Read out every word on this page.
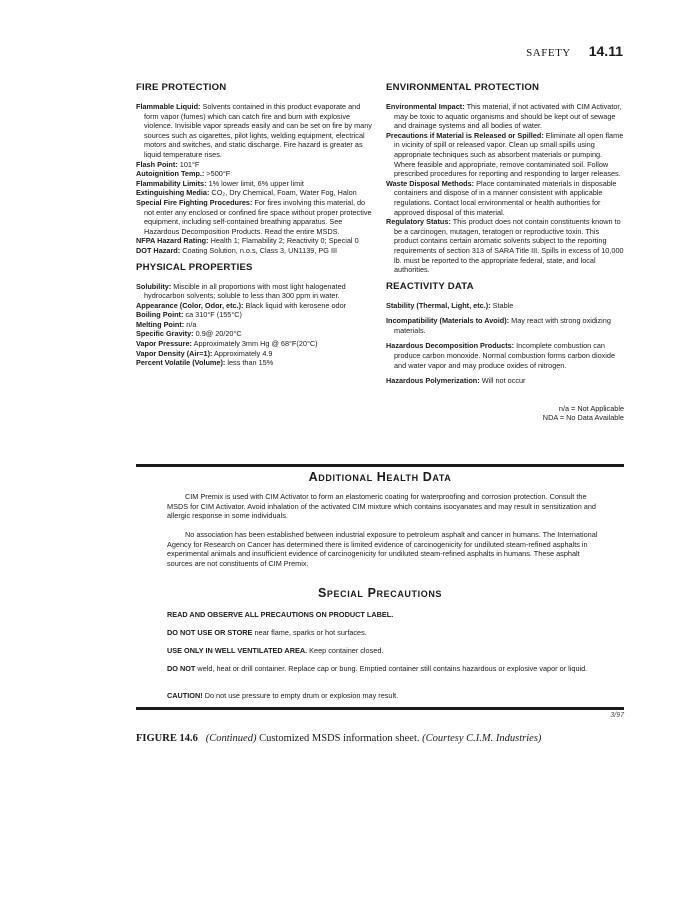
SAFETY 14.11
FIRE PROTECTION

Flammable Liquid: Solvents contained in this product evaporate and form vapor (fumes) which can catch fire and burn with explosive violence. Invisible vapor spreads easily and can be set on fire by many sources such as cigarettes, pilot lights, welding equipment, electrical motors and switches, and static discharge. Fire hazard is greater as liquid temperature rises.

Flash Point: 101°F

Autoignition Temp.: >500°F

Flammability Limits: 1% lower limit, 6% upper limit

Extinguishing Media: CO₂, Dry Chemical, Foam, Water Fog, Halon

Special Fire Fighting Procedures: For fires involving this material, do not enter any enclosed or confined fire space without proper protective equipment, including self-contained breathing apparatus. See Hazardous Decomposition Products. Read the entire MSDS.

NFPA Hazard Rating: Health 1; Flamability 2; Reactivity 0; Special 0

DOT Hazard: Coating Solution, n.o.s, Class 3, UN1139, PG III

PHYSICAL PROPERTIES

Solubility: Miscible in all proportions with most light halogenated hydrocarbon solvents; soluble to less than 300 ppm in water.

Appearance (Color, Odor, etc.): Black liquid with kerosene odor

Boiling Point: ca 310°F (155°C)

Melting Point: n/a

Specific Gravity: 0.9@ 20/20°C

Vapor Pressure: Approximately 3mm Hg @ 68°F(20°C)

Vapor Density (Air=1): Approximately 4.9

Percent Volatile (Volume): less than 15%

ENVIRONMENTAL PROTECTION

Environmental Impact: This material, if not activated with CIM Activator, may be toxic to aquatic organisms and should be kept out of sewage and drainage systems and all bodies of water.

Precautions if Material is Released or Spilled: Eliminate all open flame in vicinity of spill or released vapor. Clean up small spills using appropriate techniques such as absorbent materials or pumping. Where feasible and appropriate, remove contaminated soil. Follow prescribed procedures for reporting and responding to larger releases.

Waste Disposal Methods: Place contaminated materials in disposable containers and dispose of in a manner consistent with applicable regulations. Contact local environmental or health authorities for approved disposal of this material.

Regulatory Status: This product does not contain constituents known to be a carcinogen, mutagen, teratogen or reproductive toxin. This product contains certain aromatic solvents subject to the reporting requirements of section 313 of SARA Title III. Spills in excess of 10,000 lb. must be reported to the appropriate federal, state, and local authorities.

REACTIVITY DATA

Stability (Thermal, Light, etc.): Stable

Incompatibility (Materials to Avoid): May react with strong oxidizing materials.

Hazardous Decomposition Products: Incomplete combustion can produce carbon monoxide. Normal combustion forms carbon dioxide and water vapor and may produce oxides of nitrogen.

Hazardous Polymerization: Will not occur

n/a = Not Applicable
NDA = No Data Available
Additional Health Data

CIM Premix is used with CIM Activator to form an elastomeric coating for waterproofing and corrosion protection. Consult the MSDS for CIM Activator. Avoid inhalation of the activated CIM mixture which contains isocyanates and may result in sensitization and allergic response in some individuals.

No association has been established between industrial exposure to petroleum asphalt and cancer in humans. The International Agency for Research on Cancer has determined there is limited evidence of carcinogenicity for undiluted steam-refined asphalts in experimental animals and insufficient evidence of carcinogenicity for undiluted steam-refined asphalts in humans. These asphalt sources are not constituents of CIM Premix.

Special Precautions

READ AND OBSERVE ALL PRECAUTIONS ON PRODUCT LABEL.

DO NOT USE OR STORE near flame, sparks or hot surfaces.

USE ONLY IN WELL VENTILATED AREA. Keep container closed.

DO NOT weld, heat or drill container. Replace cap or bung. Emptied container still contains hazardous or explosive vapor or liquid.

CAUTION! Do not use pressure to empty drum or explosion may result.

3/97
FIGURE 14.6 (Continued) Customized MSDS information sheet. (Courtesy C.I.M. Industries)
